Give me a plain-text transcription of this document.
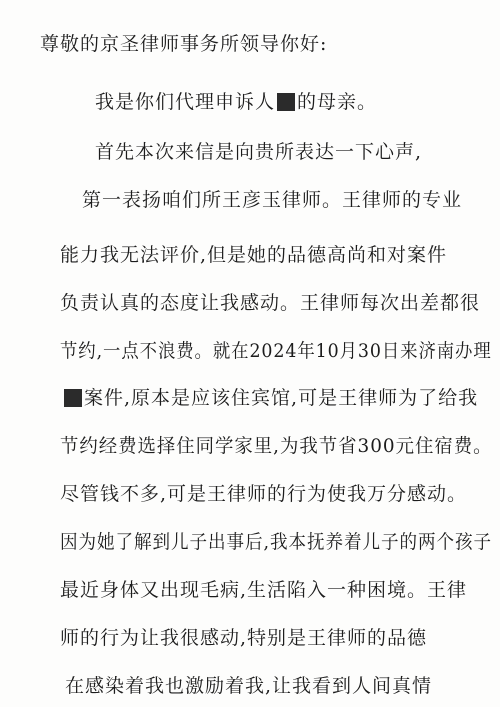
尊敬的京圣律师事务所领导你好:
我是你们代理申诉人 的母亲。
首先本次来信是向贵所表达一下心声,
第一表扬咱们所王彦玉律师。王律师的专业
能力我无法评价,但是她的品德高尚和对案件
负责认真的态度让我感动。王律师每次出差都很
节约,一点不浪费。就在2024年10月30日来济南办理
案件,原本是应该住宾馆,可是王律师为了给我
节约经费选择住同学家里,为我节省300元住宿费。
尽管钱不多,可是王律师的行为使我万分感动。
因为她了解到儿子出事后,我本抚养着儿子的两个孩子
最近身体又出现毛病,生活陷入一种困境。王律
师的行为让我很感动,特别是王律师的品德
在感染着我也激励着我,让我看到人间真情
